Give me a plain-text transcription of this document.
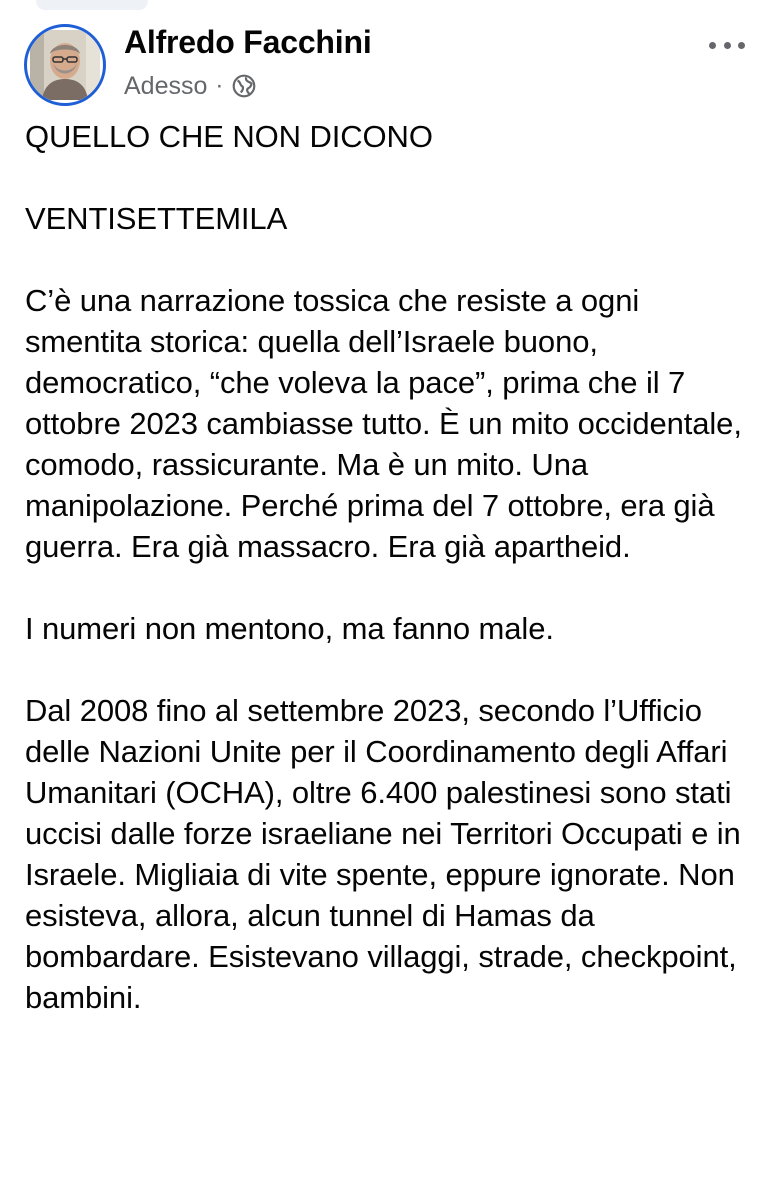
Alfredo Facchini
Adesso ·

QUELLO CHE NON DICONO

VENTISETTEMILA

C’è una narrazione tossica che resiste a ogni smentita storica: quella dell’Israele buono, democratico, “che voleva la pace”, prima che il 7 ottobre 2023 cambiasse tutto. È un mito occidentale, comodo, rassicurante. Ma è un mito. Una manipolazione. Perché prima del 7 ottobre, era già guerra. Era già massacro. Era già apartheid.

I numeri non mentono, ma fanno male.

Dal 2008 fino al settembre 2023, secondo l’Ufficio delle Nazioni Unite per il Coordinamento degli Affari Umanitari (OCHA), oltre 6.400 palestinesi sono stati uccisi dalle forze israeliane nei Territori Occupati e in Israele. Migliaia di vite spente, eppure ignorate. Non esisteva, allora, alcun tunnel di Hamas da bombardare. Esistevano villaggi, strade, checkpoint, bambini.
